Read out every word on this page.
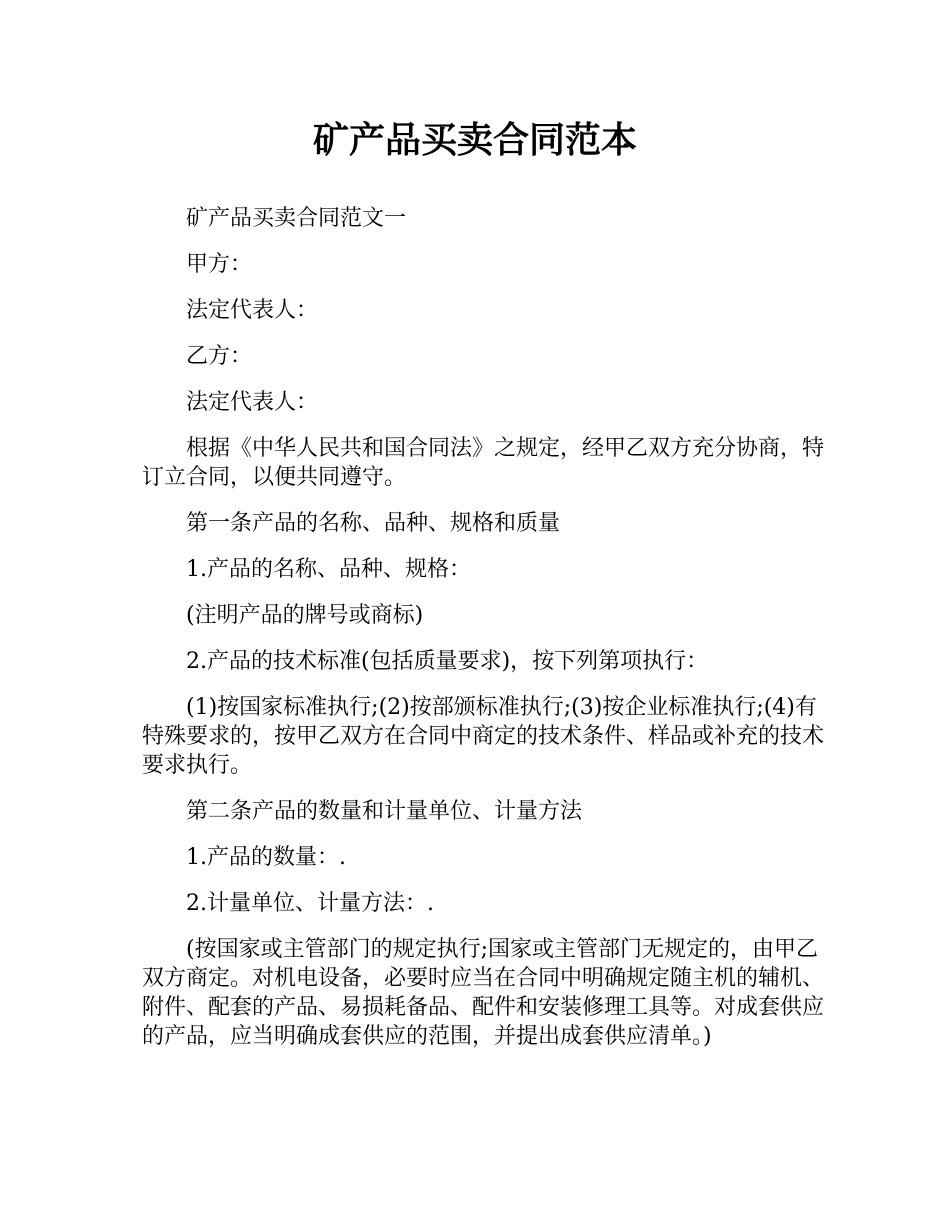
矿产品买卖合同范本

矿产品买卖合同范文一

甲方：

法定代表人：

乙方：

法定代表人：

根据《中华人民共和国合同法》之规定，经甲乙双方充分协商，特订立合同，以便共同遵守。

第一条产品的名称、品种、规格和质量

1.产品的名称、品种、规格：

(注明产品的牌号或商标)

2.产品的技术标准(包括质量要求)，按下列第项执行：

(1)按国家标准执行;(2)按部颁标准执行;(3)按企业标准执行;(4)有特殊要求的，按甲乙双方在合同中商定的技术条件、样品或补充的技术要求执行。

第二条产品的数量和计量单位、计量方法

1.产品的数量：.

2.计量单位、计量方法：.

(按国家或主管部门的规定执行;国家或主管部门无规定的，由甲乙双方商定。对机电设备，必要时应当在合同中明确规定随主机的辅机、附件、配套的产品、易损耗备品、配件和安装修理工具等。对成套供应的产品，应当明确成套供应的范围，并提出成套供应清单。)
